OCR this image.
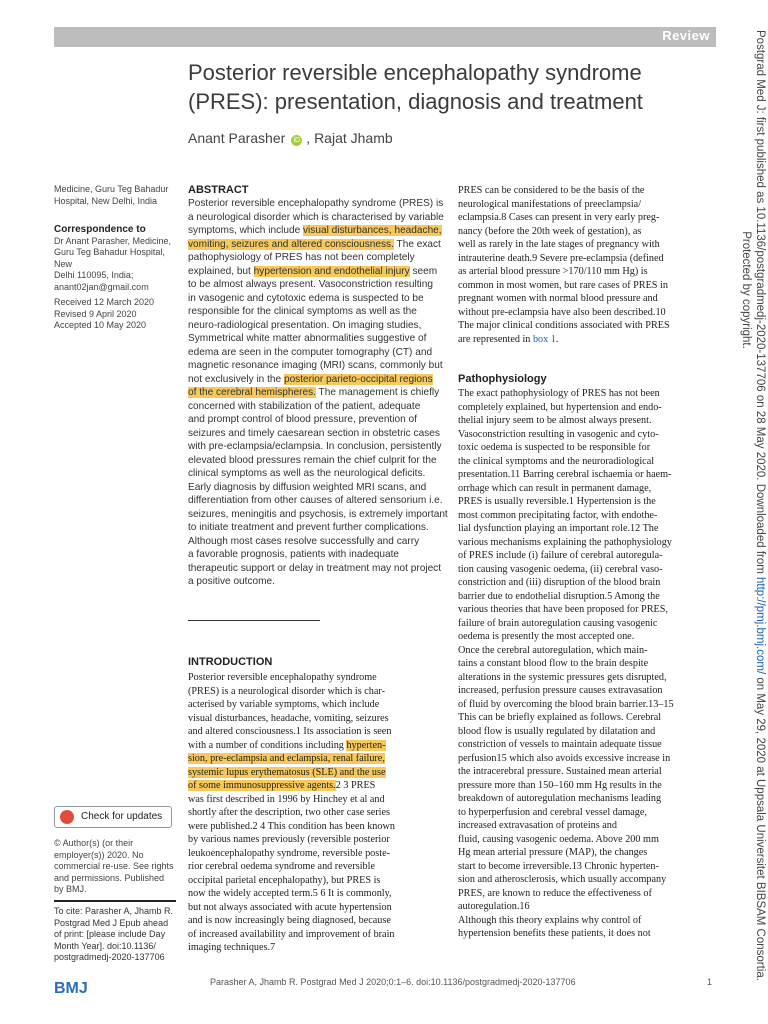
Review
Posterior reversible encephalopathy syndrome (PRES): presentation, diagnosis and treatment
Anant Parasher iD , Rajat Jhamb
Medicine, Guru Teg Bahadur
Hospital, New Delhi, India
Correspondence to
Dr Anant Parasher, Medicine,
Guru Teg Bahadur Hospital, New
Delhi 110095, India;
anant02jan@gmail.com
Received 12 March 2020
Revised 9 April 2020
Accepted 10 May 2020
ABSTRACT
Posterior reversible encephalopathy syndrome (PRES) is
a neurological disorder which is characterised by variable
symptoms, which include visual disturbances, headache,
vomiting, seizures and altered consciousness. The exact
pathophysiology of PRES has not been completely
explained, but hypertension and endothelial injury seem
to be almost always present. Vasoconstriction resulting
in vasogenic and cytotoxic edema is suspected to be
responsible for the clinical symptoms as well as the
neuro-radiological presentation. On imaging studies,
Symmetrical white matter abnormalities suggestive of
edema are seen in the computer tomography (CT) and
magnetic resonance imaging (MRI) scans, commonly but
not exclusively in the posterior parieto-occipital regions
of the cerebral hemispheres. The management is chiefly
concerned with stabilization of the patient, adequate
and prompt control of blood pressure, prevention of
seizures and timely caesarean section in obstetric cases
with pre-eclampsia/eclampsia. In conclusion, persistently
elevated blood pressures remain the chief culprit for the
clinical symptoms as well as the neurological deficits.
Early diagnosis by diffusion weighted MRI scans, and
differentiation from other causes of altered sensorium i.e.
seizures, meningitis and psychosis, is extremely important
to initiate treatment and prevent further complications.
Although most cases resolve successfully and carry
a favorable prognosis, patients with inadequate
therapeutic support or delay in treatment may not project
a positive outcome.
INTRODUCTION
Posterior reversible encephalopathy syndrome
(PRES) is a neurological disorder which is char-
acterised by variable symptoms, which include
visual disturbances, headache, vomiting, seizures
and altered consciousness.1 Its association is seen
with a number of conditions including hyperten-
sion, pre-eclampsia and eclampsia, renal failure,
systemic lupus erythematosus (SLE) and the use
of some immunosuppressive agents.2 3 PRES
was first described in 1996 by Hinchey et al and
shortly after the description, two other case series
were published.2 4 This condition has been known
by various names previously (reversible posterior
leukoencephalopathy syndrome, reversible poste-
rior cerebral oedema syndrome and reversible
occipital parietal encephalopathy), but PRES is
now the widely accepted term.5 6 It is commonly,
but not always associated with acute hypertension
and is now increasingly being diagnosed, because
of increased availability and improvement of brain
imaging techniques.7
PRES can be considered to be the basis of the
neurological manifestations of preeclampsia/
eclampsia.8 Cases can present in very early preg-
nancy (before the 20th week of gestation), as
well as rarely in the late stages of pregnancy with
intrauterine death.9 Severe pre-eclampsia (defined
as arterial blood pressure >170/110 mm Hg) is
common in most women, but rare cases of PRES in
pregnant women with normal blood pressure and
without pre-eclampsia have also been described.10
The major clinical conditions associated with PRES
are represented in box 1.
Pathophysiology
The exact pathophysiology of PRES has not been
completely explained, but hypertension and endo-
thelial injury seem to be almost always present.
Vasoconstriction resulting in vasogenic and cyto-
toxic oedema is suspected to be responsible for
the clinical symptoms and the neuroradiological
presentation.11 Barring cerebral ischaemia or haem-
orrhage which can result in permanent damage,
PRES is usually reversible.1 Hypertension is the
most common precipitating factor, with endothe-
lial dysfunction playing an important role.12 The
various mechanisms explaining the pathophysiology
of PRES include (i) failure of cerebral autoregula-
tion causing vasogenic oedema, (ii) cerebral vaso-
constriction and (iii) disruption of the blood brain
barrier due to endothelial disruption.5 Among the
various theories that have been proposed for PRES,
failure of brain autoregulation causing vasogenic
oedema is presently the most accepted one.
Once the cerebral autoregulation, which main-
tains a constant blood flow to the brain despite
alterations in the systemic pressures gets disrupted,
increased, perfusion pressure causes extravasation
of fluid by overcoming the blood brain barrier.13–15
This can be briefly explained as follows. Cerebral
blood flow is usually regulated by dilatation and
constriction of vessels to maintain adequate tissue
perfusion15 which also avoids excessive increase in
the intracerebral pressure. Sustained mean arterial
pressure more than 150–160 mm Hg results in the
breakdown of autoregulation mechanisms leading
to hyperperfusion and cerebral vessel damage,
increased extravasation of proteins and
fluid, causing vasogenic oedema. Above 200 mm
Hg mean arterial pressure (MAP), the changes
start to become irreversible.13 Chronic hyperten-
sion and atherosclerosis, which usually accompany
PRES, are known to reduce the effectiveness of
autoregulation.16
Although this theory explains why control of
hypertension benefits these patients, it does not
Check for updates
© Author(s) (or their
employer(s)) 2020. No
commercial re-use. See rights
and permissions. Published
by BMJ.
To cite: Parasher A, Jhamb R.
Postgrad Med J Epub ahead
of print: [please include Day
Month Year]. doi:10.1136/
postgradmedj-2020-137706
BMJ	Parasher A, Jhamb R. Postgrad Med J 2020;0:1–6. doi:10.1136/postgradmedj-2020-137706	1
Postgrad Med J: first published as 10.1136/postgradmedj-2020-137706 on 28 May 2020. Downloaded from http://pmj.bmj.com/ on May 29, 2020 at Uppsala Universitet BIBSAM Consortia.
Protected by copyright.
